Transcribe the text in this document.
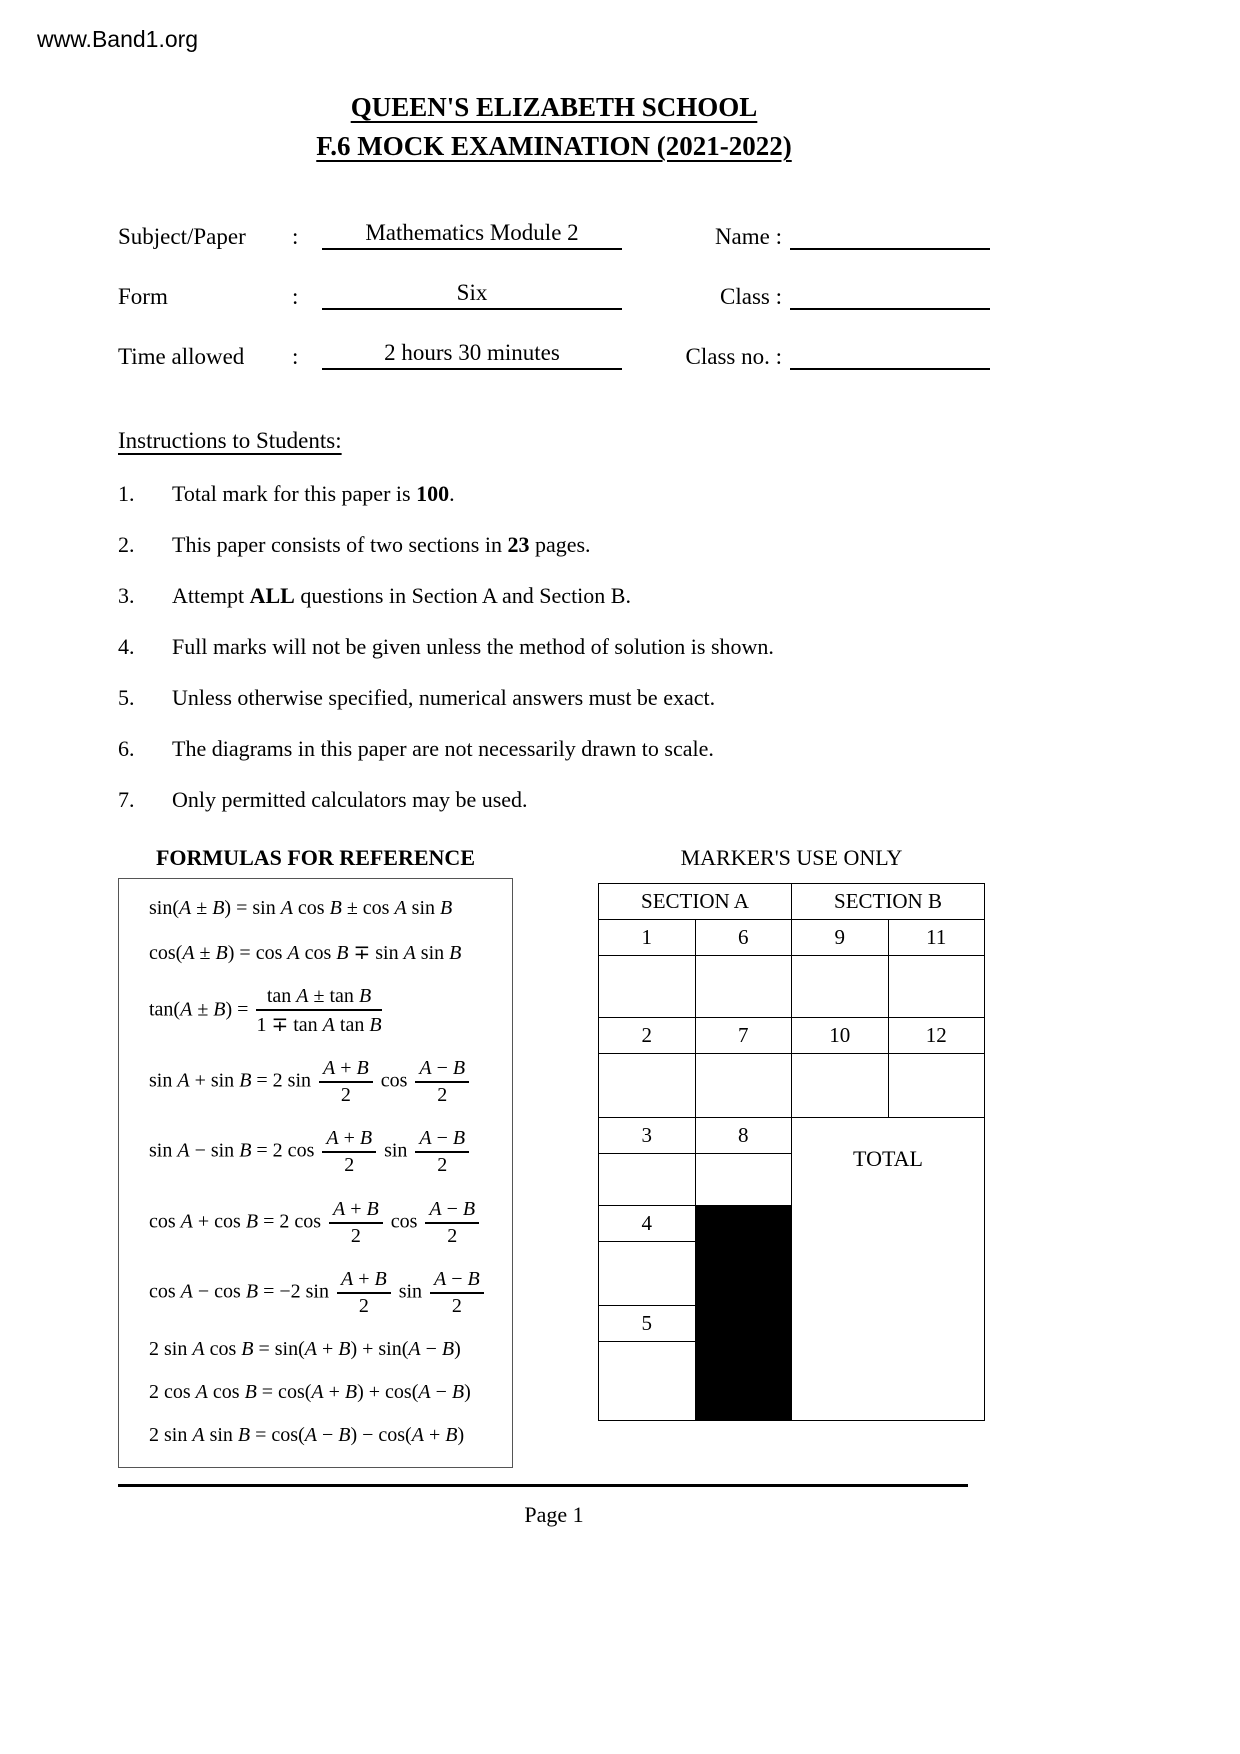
www.Band1.org
QUEEN'S ELIZABETH SCHOOL
F.6 MOCK EXAMINATION (2021-2022)
Subject/Paper	:	Mathematics Module 2	Name :
Form	:	Six	Class :
Time allowed	:	2 hours 30 minutes	Class no. :
Instructions to Students:
1.	Total mark for this paper is 100.
2.	This paper consists of two sections in 23 pages.
3.	Attempt ALL questions in Section A and Section B.
4.	Full marks will not be given unless the method of solution is shown.
5.	Unless otherwise specified, numerical answers must be exact.
6.	The diagrams in this paper are not necessarily drawn to scale.
7.	Only permitted calculators may be used.
FORMULAS FOR REFERENCE
sin(A ± B) = sin A cos B ± cos A sin B
cos(A ± B) = cos A cos B ∓ sin A sin B
$\tan(A \pm B) = \frac{\text{tan A ± tan B}}{\text{1 ∓ tan A tan B}}$
sin A + sin B = 2 $\sin \frac{A + B}{2}$ $\cos \frac{A - B}{2}$
sin A − sin B = 2 $\cos \frac{A + B}{2}$ $\sin \frac{A - B}{2}$
cos A + cos B = 2 $\cos \frac{A + B}{2}$ $\cos \frac{A - B}{2}$
cos A − cos B = −2 $\sin \frac{A + B}{2}$ $\sin \frac{A - B}{2}$
2 sin A cos B = sin(A + B) + sin(A − B)
2 cos A cos B = cos(A + B) + cos(A − B)
2 sin A sin B = cos(A − B) − cos(A + B)
MARKER'S USE ONLY
SECTION A		SECTION B	
1	6	9	11

2	7	10	12

3	8	TOTAL	

4			

5			

Page 1
